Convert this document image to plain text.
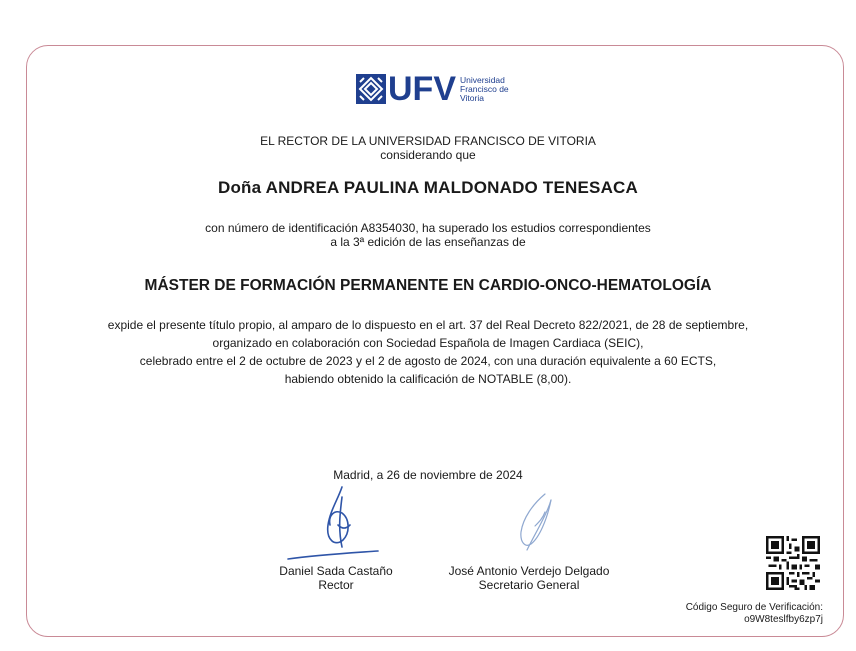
UFV Universidad
Francisco de
Vitoria
EL RECTOR DE LA UNIVERSIDAD FRANCISCO DE VITORIA
considerando que
Doña ANDREA PAULINA MALDONADO TENESACA
con número de identificación A8354030, ha superado los estudios correspondientes
a la 3ª edición de las enseñanzas de
MÁSTER DE FORMACIÓN PERMANENTE EN CARDIO-ONCO-HEMATOLOGÍA
expide el presente título propio, al amparo de lo dispuesto en el art. 37 del Real Decreto 822/2021, de 28 de septiembre,
organizado en colaboración con Sociedad Española de Imagen Cardiaca (SEIC),
celebrado entre el 2 de octubre de 2023 y el 2 de agosto de 2024, con una duración equivalente a 60 ECTS,
habiendo obtenido la calificación de NOTABLE (8,00).
Madrid, a 26 de noviembre de 2024
Daniel Sada Castaño
Rector
José Antonio Verdejo Delgado
Secretario General
Código Seguro de Verificación:
o9W8teslfby6zp7j
